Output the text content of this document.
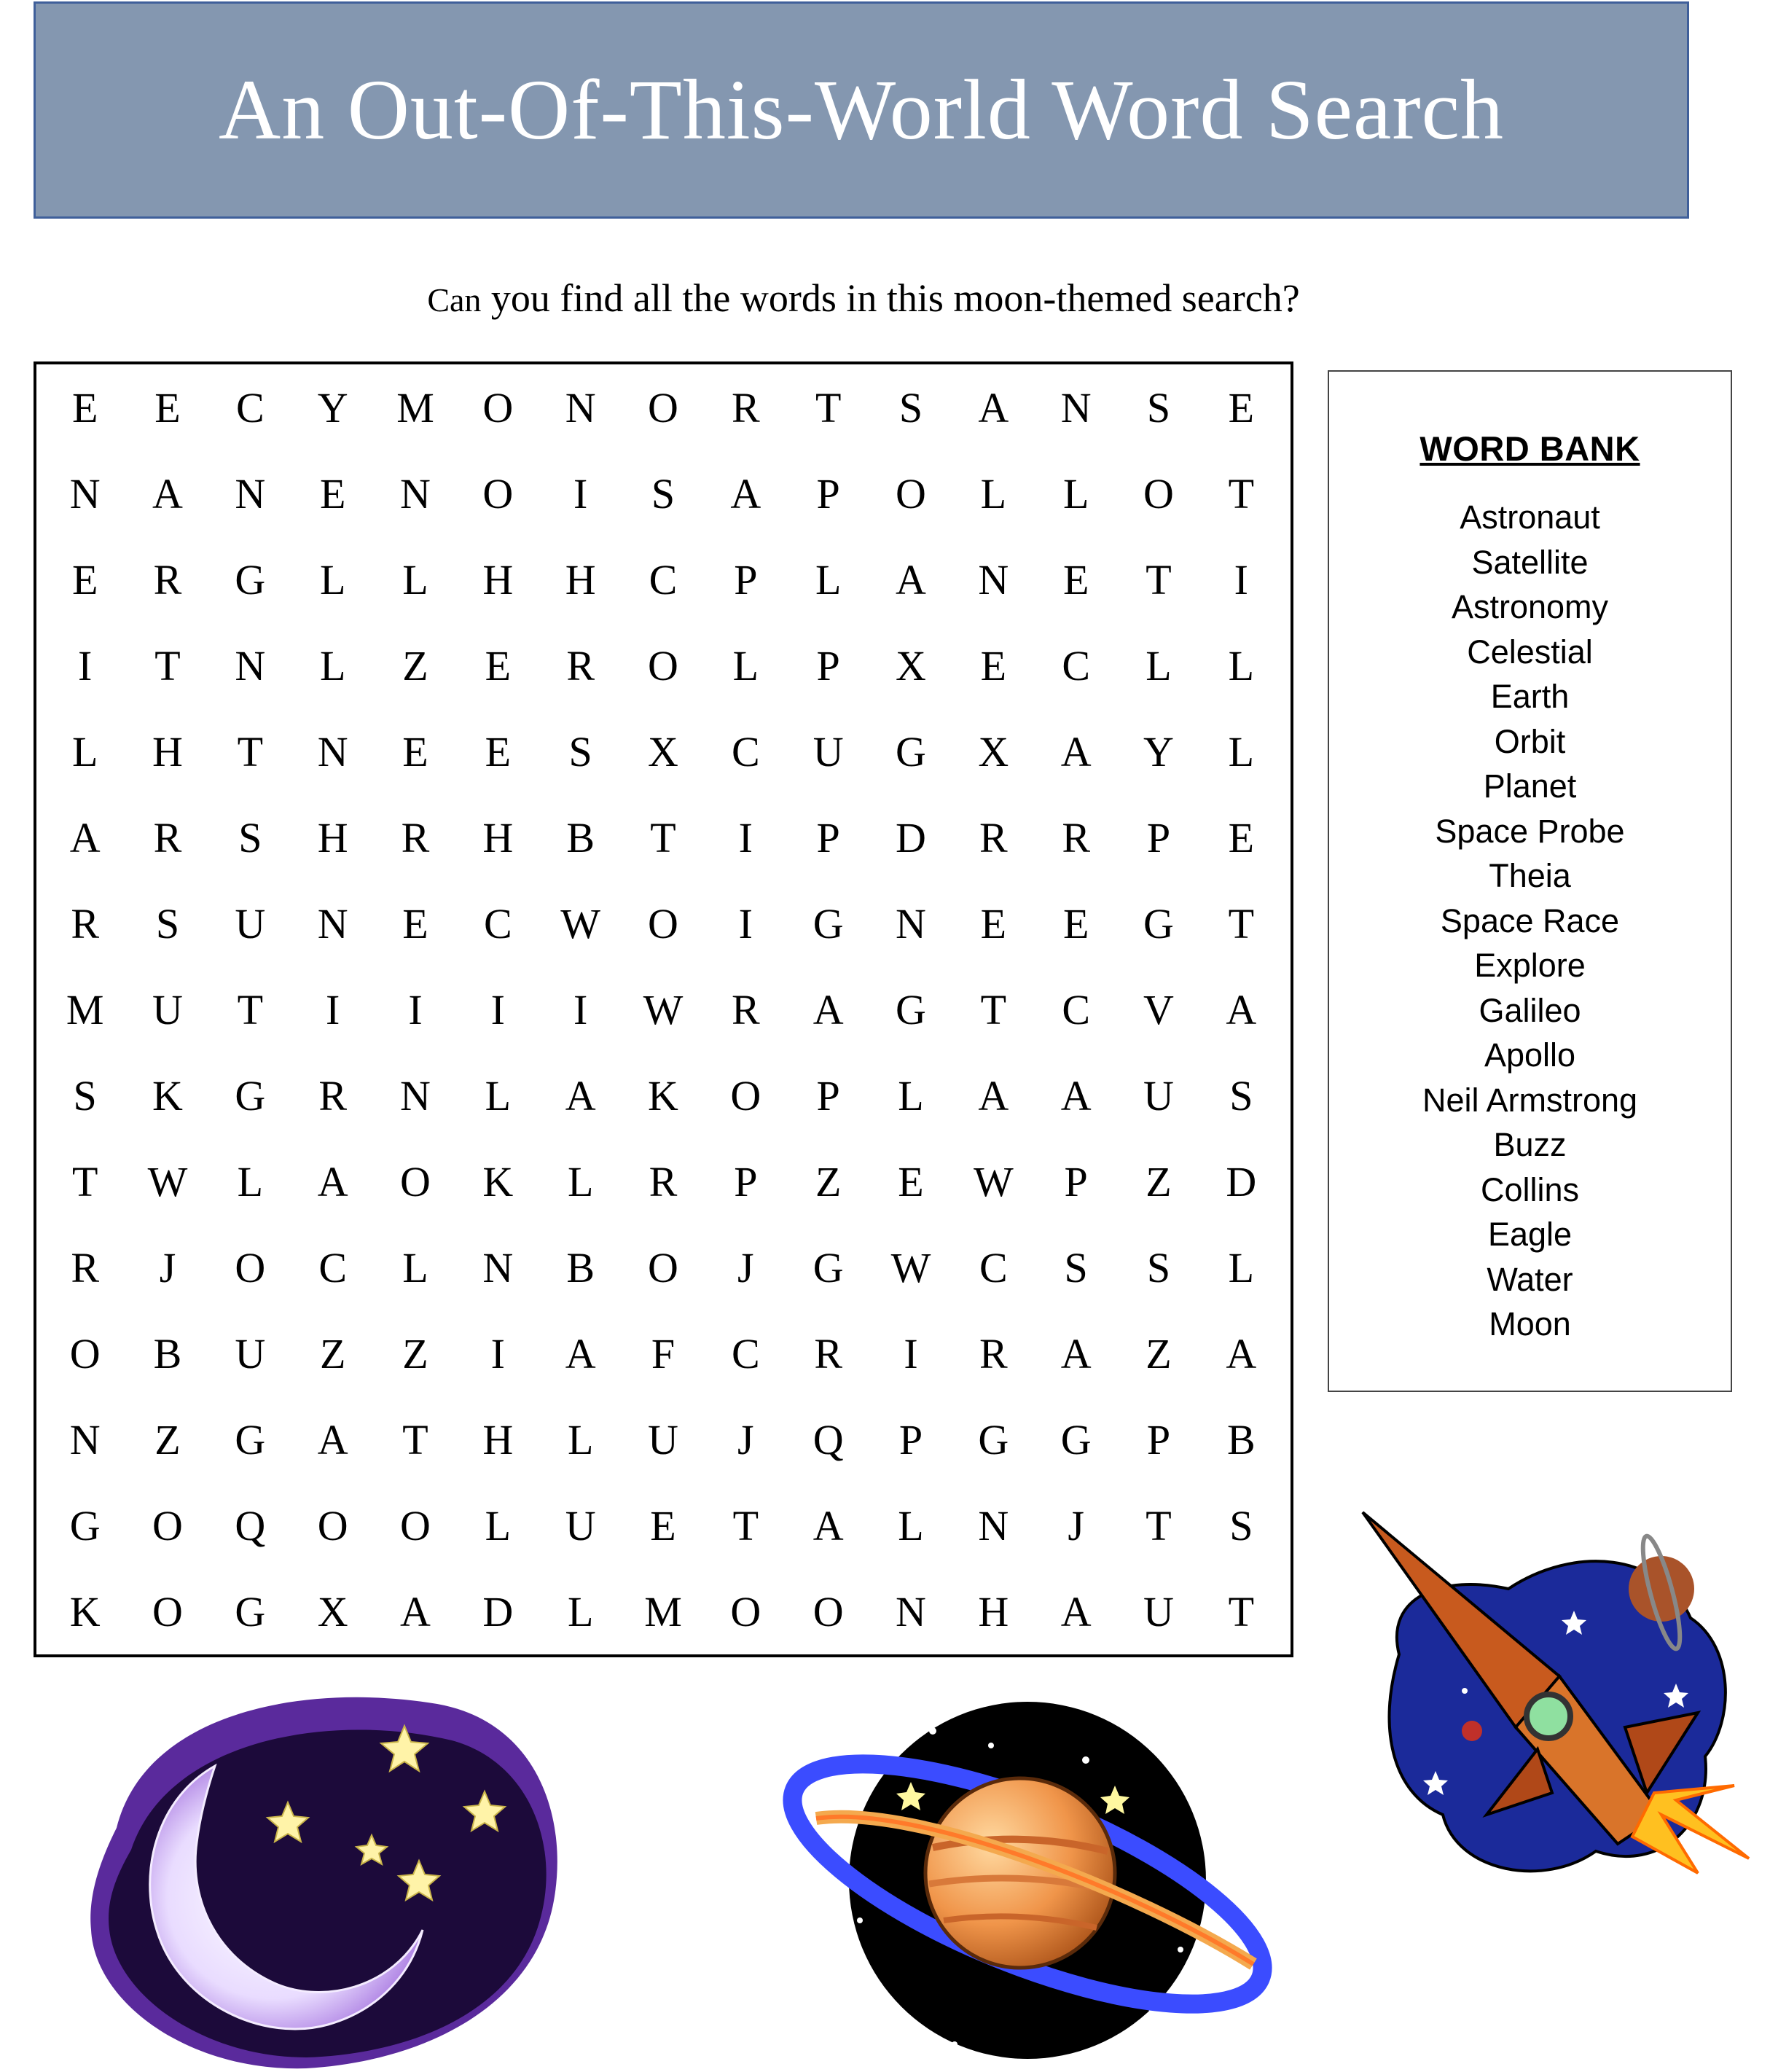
An Out-Of-This-World Word Search
Can you find all the words in this moon-themed search?
E	E	C	Y	M	O	N	O	R	T	S	A	N	S	E
N	A	N	E	N	O	I	S	A	P	O	L	L	O	T
E	R	G	L	L	H	H	C	P	L	A	N	E	T	I
I	T	N	L	Z	E	R	O	L	P	X	E	C	L	L
L	H	T	N	E	E	S	X	C	U	G	X	A	Y	L
A	R	S	H	R	H	B	T	I	P	D	R	R	P	E
R	S	U	N	E	C	W	O	I	G	N	E	E	G	T
M	U	T	I	I	I	I	W	R	A	G	T	C	V	A
S	K	G	R	N	L	A	K	O	P	L	A	A	U	S
T	W	L	A	O	K	L	R	P	Z	E	W	P	Z	D
R	J	O	C	L	N	B	O	J	G	W	C	S	S	L
O	B	U	Z	Z	I	A	F	C	R	I	R	A	Z	A
N	Z	G	A	T	H	L	U	J	Q	P	G	G	P	B
G	O	Q	O	O	L	U	E	T	A	L	N	J	T	S
K	O	G	X	A	D	L	M	O	O	N	H	A	U	T
WORD BANK
Astronaut
Satellite
Astronomy
Celestial
Earth
Orbit
Planet
Space Probe
Theia
Space Race
Explore
Galileo
Apollo
Neil Armstrong
Buzz
Collins
Eagle
Water
Moon
